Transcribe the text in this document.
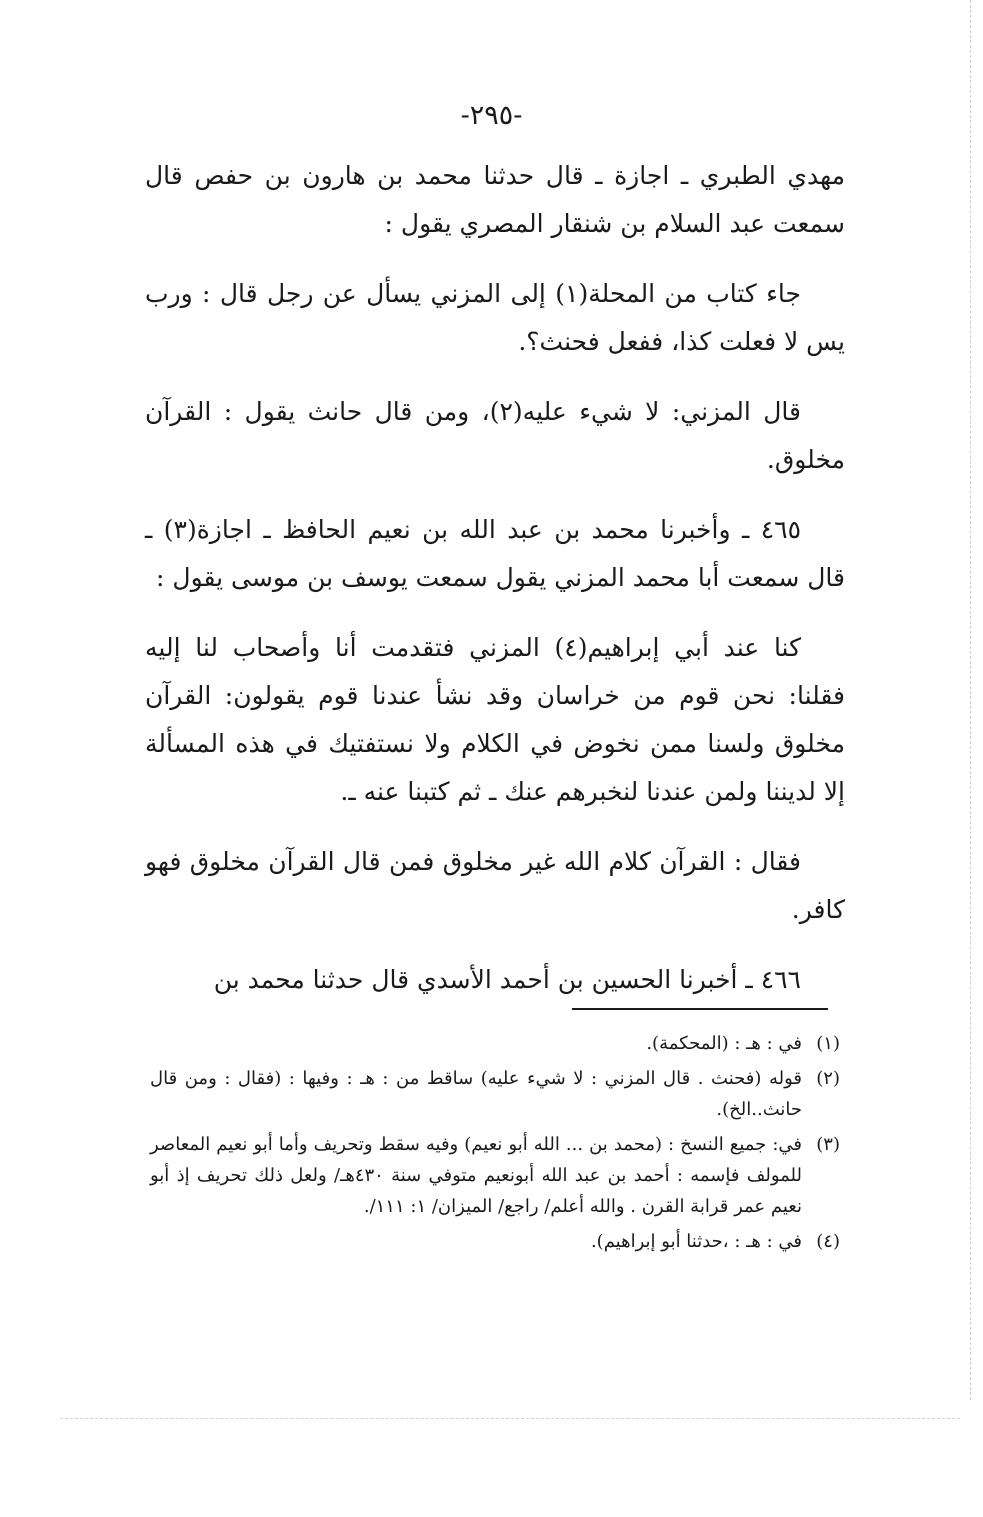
-٢٩٥-

مهدي الطبري ـ اجازة ـ قال حدثنا محمد بن هارون بن حفص قال سمعت عبد السلام بن شنقار المصري يقول :

جاء كتاب من المحلة(١) إلى المزني يسأل عن رجل قال : ورب يس لا فعلت كذا، ففعل فحنث؟.

قال المزني: لا شيء عليه(٢)، ومن قال حانث يقول : القرآن مخلوق.

٤٦٥ ـ وأخبرنا محمد بن عبد الله بن نعيم الحافظ ـ اجازة(٣) ـ قال سمعت أبا محمد المزني يقول سمعت يوسف بن موسى يقول :

كنا عند أبي إبراهيم(٤) المزني فتقدمت أنا وأصحاب لنا إليه فقلنا: نحن قوم من خراسان وقد نشأ عندنا قوم يقولون: القرآن مخلوق ولسنا ممن نخوض في الكلام ولا نستفتيك في هذه المسألة إلا لديننا ولمن عندنا لنخبرهم عنك ـ ثم كتبنا عنه ـ.

فقال : القرآن كلام الله غير مخلوق فمن قال القرآن مخلوق فهو كافر.

٤٦٦ ـ أخبرنا الحسين بن أحمد الأسدي قال حدثنا محمد بن

(١)
في : هـ : (المحكمة).
(٢)
قوله (فحنث . قال المزني : لا شيء عليه) ساقط من : هـ : وفيها : (فقال : ومن قال حانث..الخ).
(٣)
في: جميع النسخ : (محمد بن ... الله أبو نعيم) وفيه سقط وتحريف وأما أبو نعيم المعاصر للمولف فإسمه : أحمد بن عبد الله أبونعيم متوفي سنة ٤٣٠هـ/ ولعل ذلك تحريف إذ أبو نعيم عمر قرابة القرن . والله أعلم/ راجع/ الميزان/ ١: ١١١/.
(٤)
في : هـ : ،حدثنا أبو إبراهيم).
